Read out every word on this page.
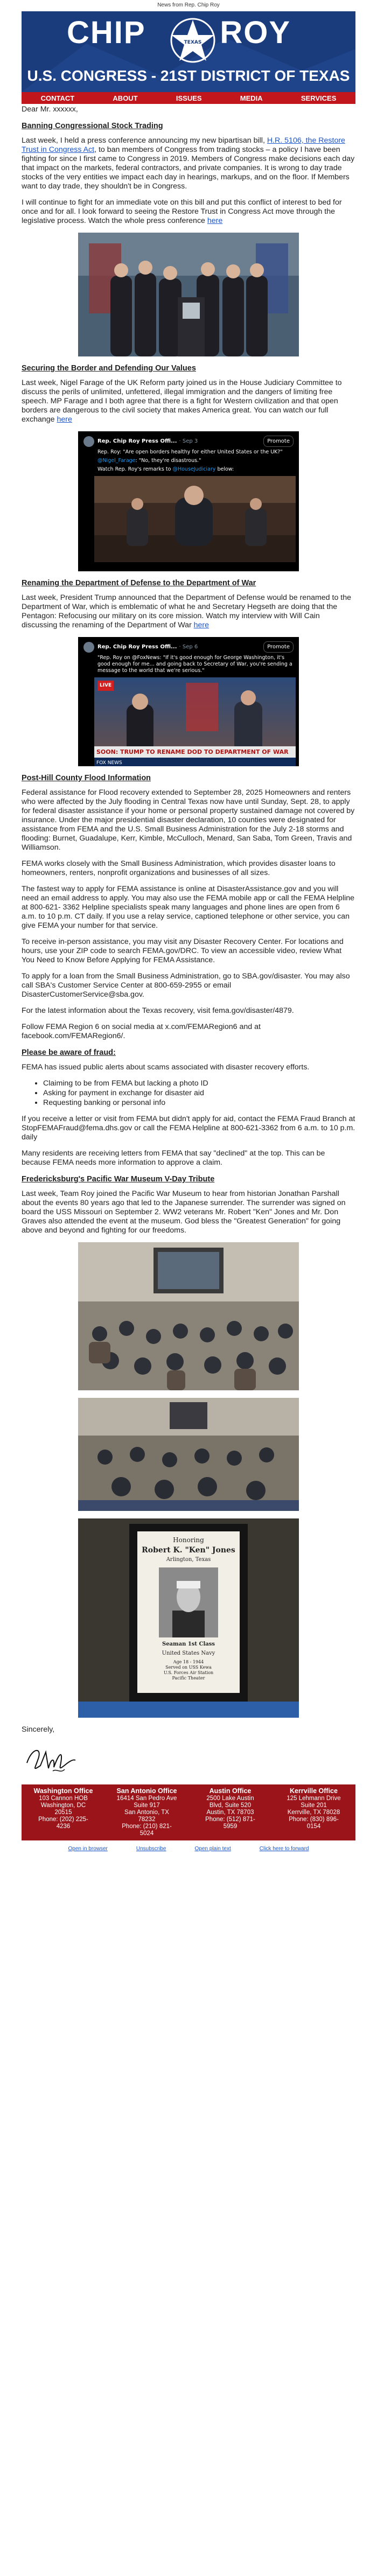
News from Rep. Chip Roy
CHIP ROY
TEXAS
U.S. CONGRESS - 21ST DISTRICT OF TEXAS
CONTACT	ABOUT	ISSUES	MEDIA	SERVICES

Dear Mr. xxxxxx,

Banning Congressional Stock Trading

Last week, I held a press conference announcing my new bipartisan bill, H.R. 5106, the Restore Trust in Congress Act, to ban members of Congress from trading stocks – a policy I have been fighting for since I first came to Congress in 2019. Members of Congress make decisions each day that impact on the markets, federal contractors, and private companies. It is wrong to day trade stocks of the very entities we impact each day in hearings, markups, and on the floor. If Members want to day trade, they shouldn't be in Congress.

I will continue to fight for an immediate vote on this bill and put this conflict of interest to bed for once and for all. I look forward to seeing the Restore Trust in Congress Act move through the legislative process. Watch the whole press conference here

Securing the Border and Defending Our Values

Last week, Nigel Farage of the UK Reform party joined us in the House Judiciary Committee to discuss the perils of unlimited, unfettered, illegal immigration and the dangers of limiting free speech. MP Farage and I both agree that there is a fight for Western civilization and that open borders are dangerous to the civil society that makes America great. You can watch our full exchange here

Rep. Chip Roy Press Offi... · Sep 3	Promote
Rep. Roy: "Are open borders healthy for either United States or the UK?"
@Nigel_Farage: "No, they're disastrous."
Watch Rep. Roy's remarks to @HouseJudiciary below:
Renaming the Department of Defense to the Department of War

Last week, President Trump announced that the Department of Defense would be renamed to the Department of War, which is emblematic of what he and Secretary Hegseth are doing that the Pentagon: Refocusing our military on its core mission. Watch my interview with Will Cain discussing the renaming of the Department of War here

Rep. Chip Roy Press Offi... · Sep 6	Promote
"Rep. Roy on @FoxNews: "If it's good enough for George Washington, it's good enough for me... and going back to Secretary of War, you're sending a message to the world that we're serious."
LIVE
SOON: TRUMP TO RENAME DOD TO DEPARTMENT OF WAR
FOX NEWS
Post-Hill County Flood Information

Federal assistance for Flood recovery extended to September 28, 2025 Homeowners and renters who were affected by the July flooding in Central Texas now have until Sunday, Sept. 28, to apply for federal disaster assistance if your home or personal property sustained damage not covered by insurance. Under the major presidential disaster declaration, 10 counties were designated for assistance from FEMA and the U.S. Small Business Administration for the July 2-18 storms and flooding: Burnet, Guadalupe, Kerr, Kimble, McCulloch, Menard, San Saba, Tom Green, Travis and Williamson.

FEMA works closely with the Small Business Administration, which provides disaster loans to homeowners, renters, nonprofit organizations and businesses of all sizes.

The fastest way to apply for FEMA assistance is online at DisasterAssistance.gov and you will need an email address to apply. You may also use the FEMA mobile app or call the FEMA Helpline at 800-621- 3362 Helpline specialists speak many languages and phone lines are open from 6 a.m. to 10 p.m. CT daily. If you use a relay service, captioned telephone or other service, you can give FEMA your number for that service.

To receive in-person assistance, you may visit any Disaster Recovery Center. For locations and hours, use your ZIP code to search FEMA.gov/DRC. To view an accessible video, review What You Need to Know Before Applying for FEMA Assistance.

To apply for a loan from the Small Business Administration, go to SBA.gov/disaster. You may also call SBA's Customer Service Center at 800-659-2955 or email DisasterCustomerService@sba.gov.

For the latest information about the Texas recovery, visit fema.gov/disaster/4879.

Follow FEMA Region 6 on social media at x.com/FEMARegion6 and at facebook.com/FEMARegion6/.

Please be aware of fraud:

FEMA has issued public alerts about scams associated with disaster recovery efforts.

• Claiming to be from FEMA but lacking a photo ID
• Asking for payment in exchange for disaster aid
• Requesting banking or personal info

If you receive a letter or visit from FEMA but didn't apply for aid, contact the FEMA Fraud Branch at StopFEMAFraud@fema.dhs.gov or call the FEMA Helpline at 800-621-3362 from 6 a.m. to 10 p.m. daily

Many residents are receiving letters from FEMA that say "declined" at the top. This can be because FEMA needs more information to approve a claim.

Fredericksburg's Pacific War Museum V-Day Tribute

Last week, Team Roy joined the Pacific War Museum to hear from historian Jonathan Parshall about the events 80 years ago that led to the Japanese surrender. The surrender was signed on board the USS Missouri on September 2. WW2 veterans Mr. Robert "Ken" Jones and Mr. Don Graves also attended the event at the museum. God bless the "Greatest Generation" for going above and beyond and fighting for our freedoms.

Honoring
Robert K. "Ken" Jones
Arlington, Texas
Seaman 1st Class
United States Navy
Age 18 - 1944
Served on USS Kewa
U.S. Forces Air Station
Pacific Theater

Sincerely,

Washington Office
103 Cannon HOB
Washington, DC
20515
Phone: (202) 225-
4236
San Antonio Office
16414 San Pedro Ave
Suite 917
San Antonio, TX
78232
Phone: (210) 821-
5024
Austin Office
2500 Lake Austin
Blvd, Suite 520
Austin, TX 78703
Phone: (512) 871-
5959
Kerrville Office
125 Lehmann Drive
Suite 201
Kerrville, TX 78028
Phone: (830) 896-
0154
Open in browser	Unsubscribe	Open plain text	Click here to forward
